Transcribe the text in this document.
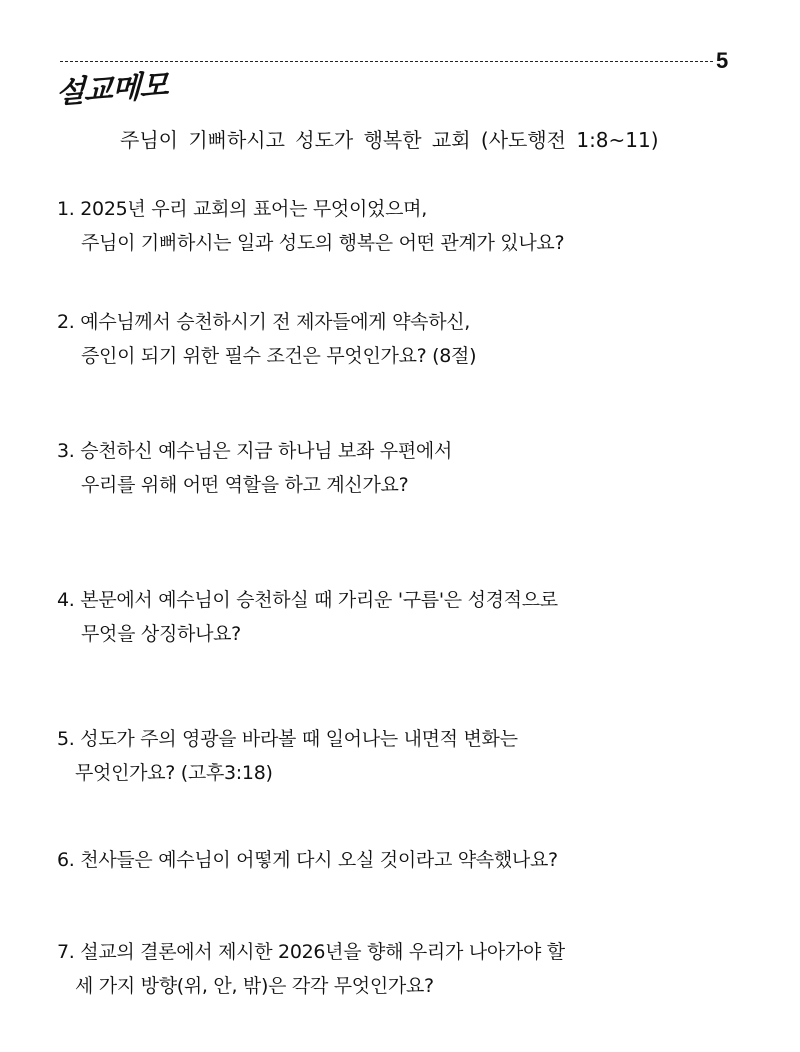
5
설교메모
주님이 기뻐하시고 성도가 행복한 교회 (사도행전 1:8~11)
1. 2025년 우리 교회의 표어는 무엇이었으며,
주님이 기뻐하시는 일과 성도의 행복은 어떤 관계가 있나요?
2. 예수님께서 승천하시기 전 제자들에게 약속하신,
증인이 되기 위한 필수 조건은 무엇인가요? (8절)
3. 승천하신 예수님은 지금 하나님 보좌 우편에서
우리를 위해 어떤 역할을 하고 계신가요?
4. 본문에서 예수님이 승천하실 때 가리운 '구름'은 성경적으로
무엇을 상징하나요?
5. 성도가 주의 영광을 바라볼 때 일어나는 내면적 변화는
무엇인가요? (고후3:18)
6. 천사들은 예수님이 어떻게 다시 오실 것이라고 약속했나요?
7. 설교의 결론에서 제시한 2026년을 향해 우리가 나아가야 할
세 가지 방향(위, 안, 밖)은 각각 무엇인가요?
